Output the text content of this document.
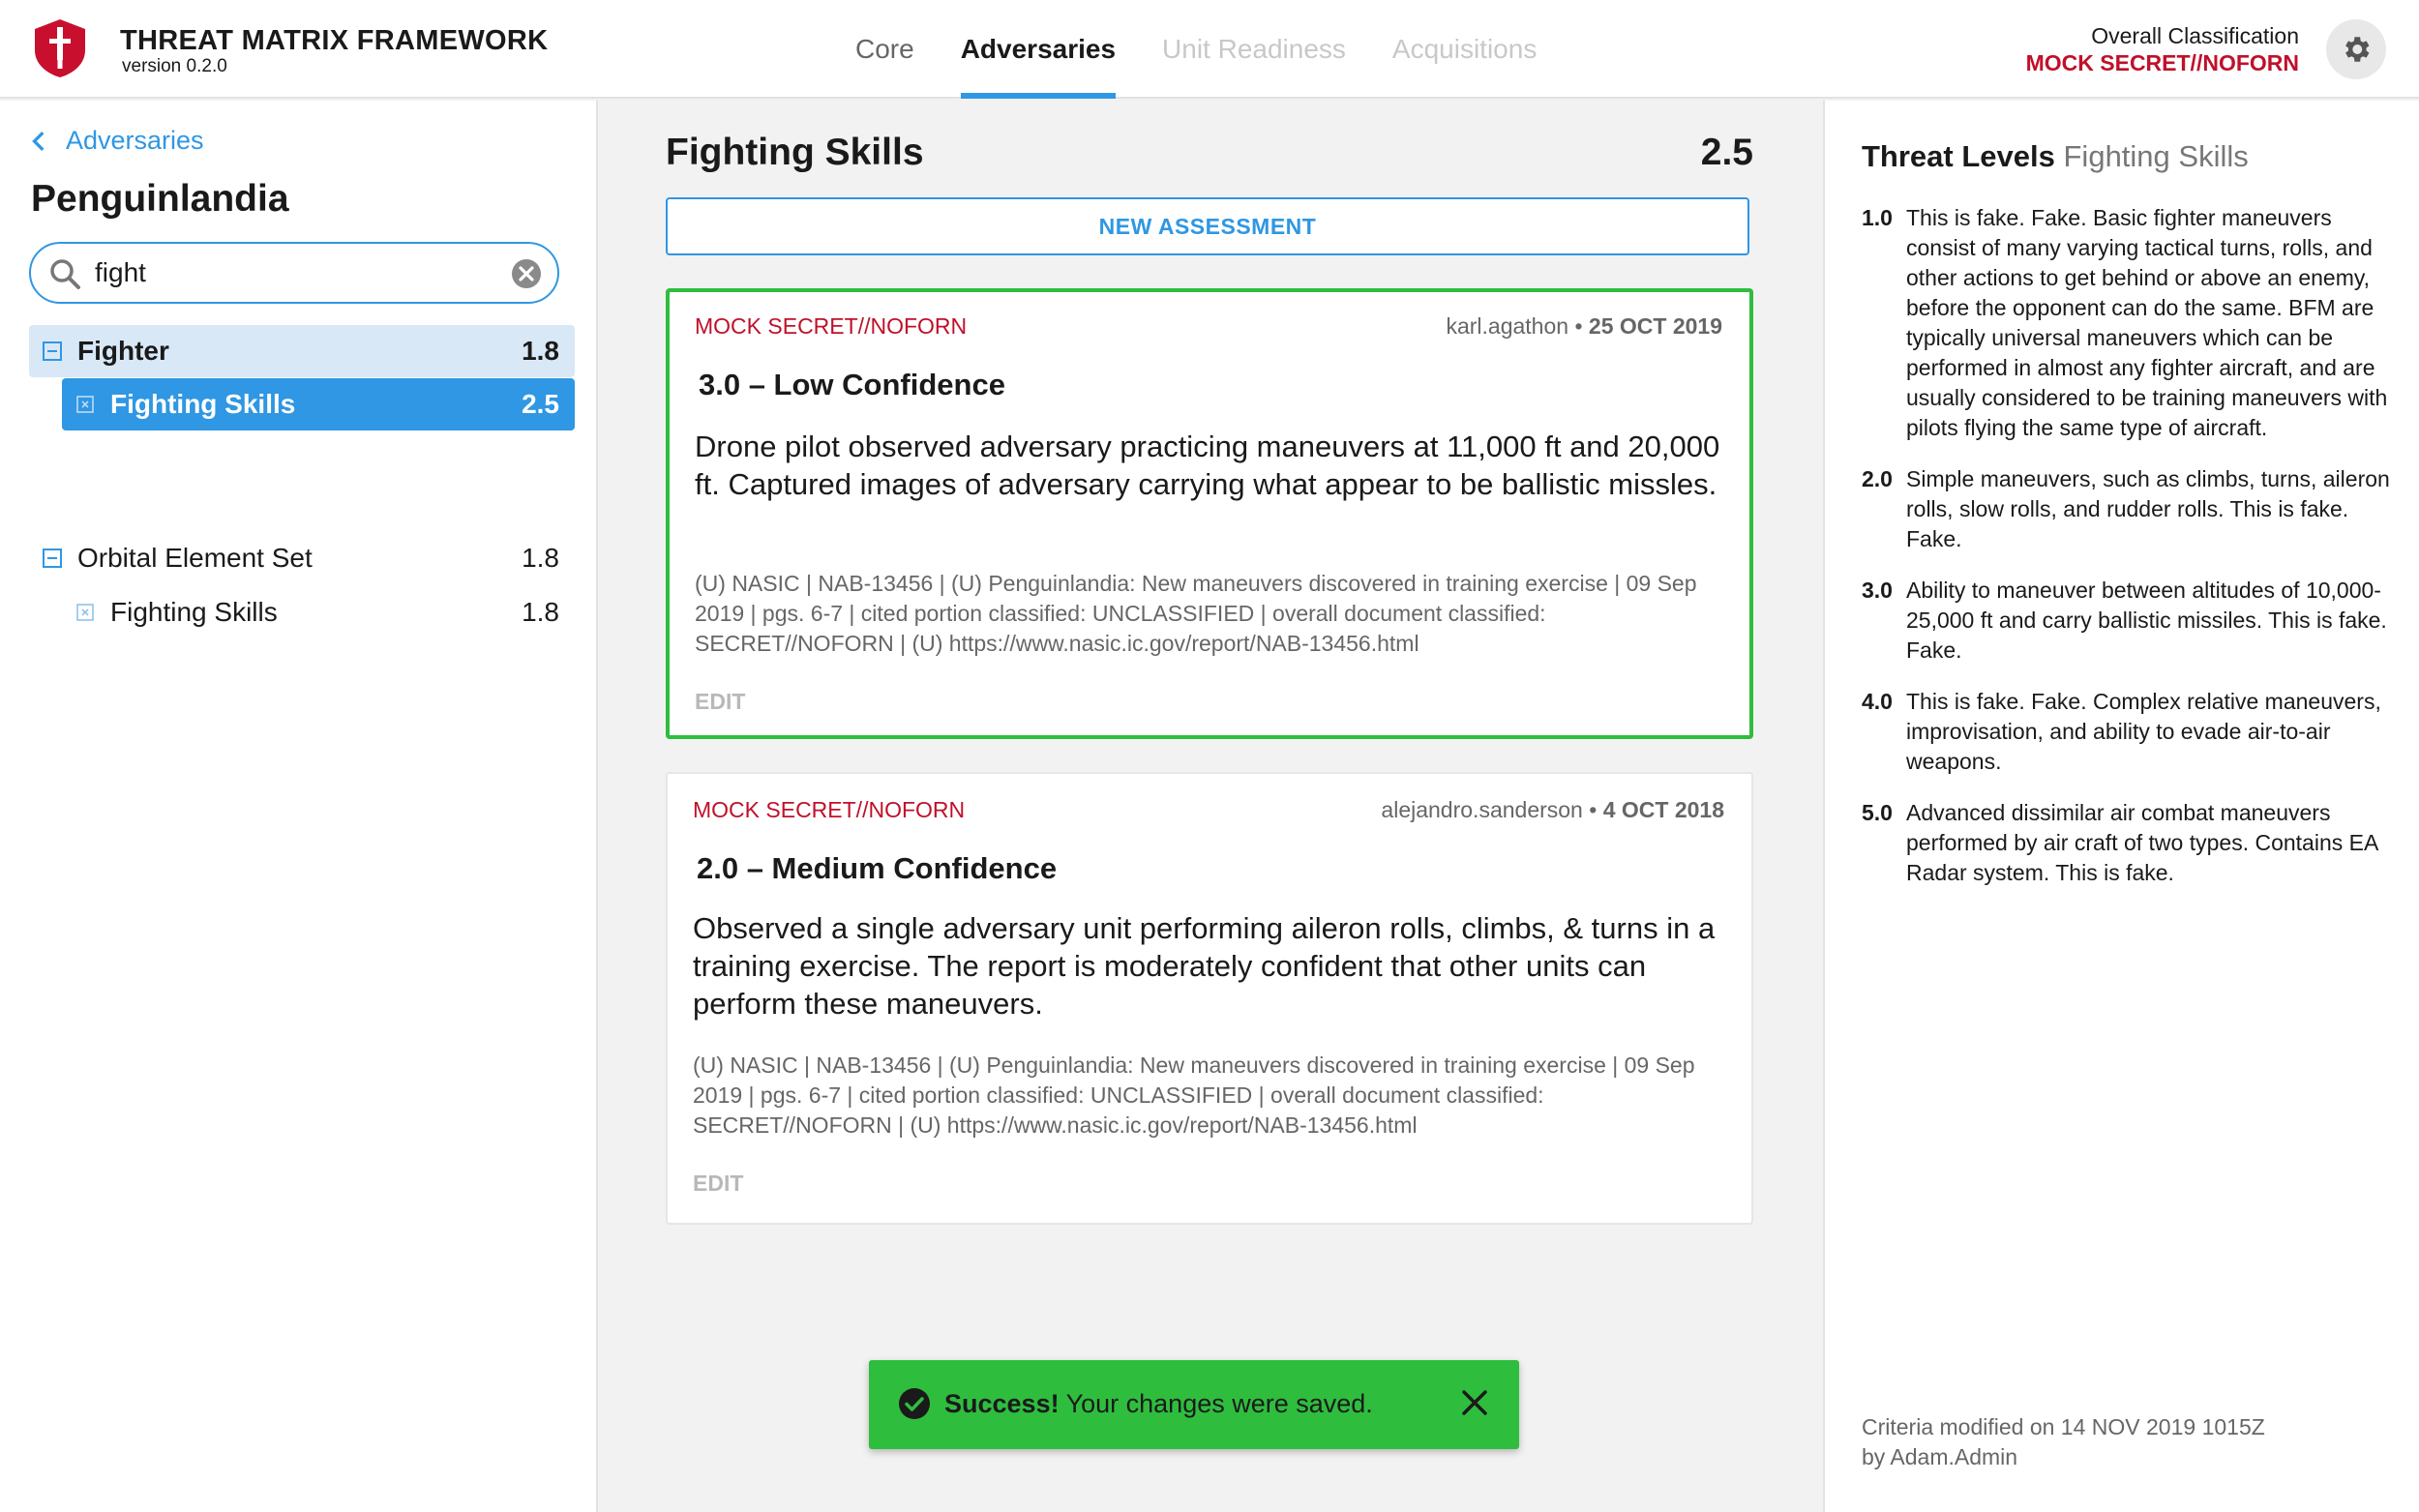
THREAT MATRIX FRAMEWORK
version 0.2.0
Core	Adversaries	Unit Readiness	Acquisitions	Overall Classification
MOCK SECRET//NOFORN
Adversaries
Penguinlandia
fight
Fighter	1.8
Fighting Skills	2.5
Orbital Element Set	1.8
Fighting Skills	1.8
Fighting Skills	2.5
NEW ASSESSMENT
MOCK SECRET//NOFORN	karl.agathon • 25 OCT 2019
3.0 – Low Confidence
Drone pilot observed adversary practicing maneuvers at 11,000 ft and 20,000 ft. Captured images of adversary carrying what appear to be ballistic missles.
(U) NASIC | NAB-13456 | (U) Penguinlandia: New maneuvers discovered in training exercise | 09 Sep 2019 | pgs. 6-7 | cited portion classified: UNCLASSIFIED | overall document classified: SECRET//NOFORN | (U) https://www.nasic.ic.gov/report/NAB-13456.html
EDIT
MOCK SECRET//NOFORN	alejandro.sanderson • 4 OCT 2018
2.0 – Medium Confidence
Observed a single adversary unit performing aileron rolls, climbs, & turns in a training exercise. The report is moderately confident that other units can perform these maneuvers.
(U) NASIC | NAB-13456 | (U) Penguinlandia: New maneuvers discovered in training exercise | 09 Sep 2019 | pgs. 6-7 | cited portion classified: UNCLASSIFIED | overall document classified: SECRET//NOFORN | (U) https://www.nasic.ic.gov/report/NAB-13456.html
EDIT
Success! Your changes were saved.
Threat Levels Fighting Skills
1.0 This is fake. Fake. Basic fighter maneuvers consist of many varying tactical turns, rolls, and other actions to get behind or above an enemy, before the opponent can do the same. BFM are typically universal maneuvers which can be performed in almost any fighter aircraft, and are usually considered to be training maneuvers with pilots flying the same type of aircraft.
2.0 Simple maneuvers, such as climbs, turns, aileron rolls, slow rolls, and rudder rolls. This is fake. Fake.
3.0 Ability to maneuver between altitudes of 10,000-25,000 ft and carry ballistic missiles. This is fake. Fake.
4.0 This is fake. Fake. Complex relative maneuvers, improvisation, and ability to evade air-to-air weapons.
5.0 Advanced dissimilar air combat maneuvers performed by air craft of two types. Contains EA Radar system. This is fake.
Criteria modified on 14 NOV 2019 1015Z
by Adam.Admin
